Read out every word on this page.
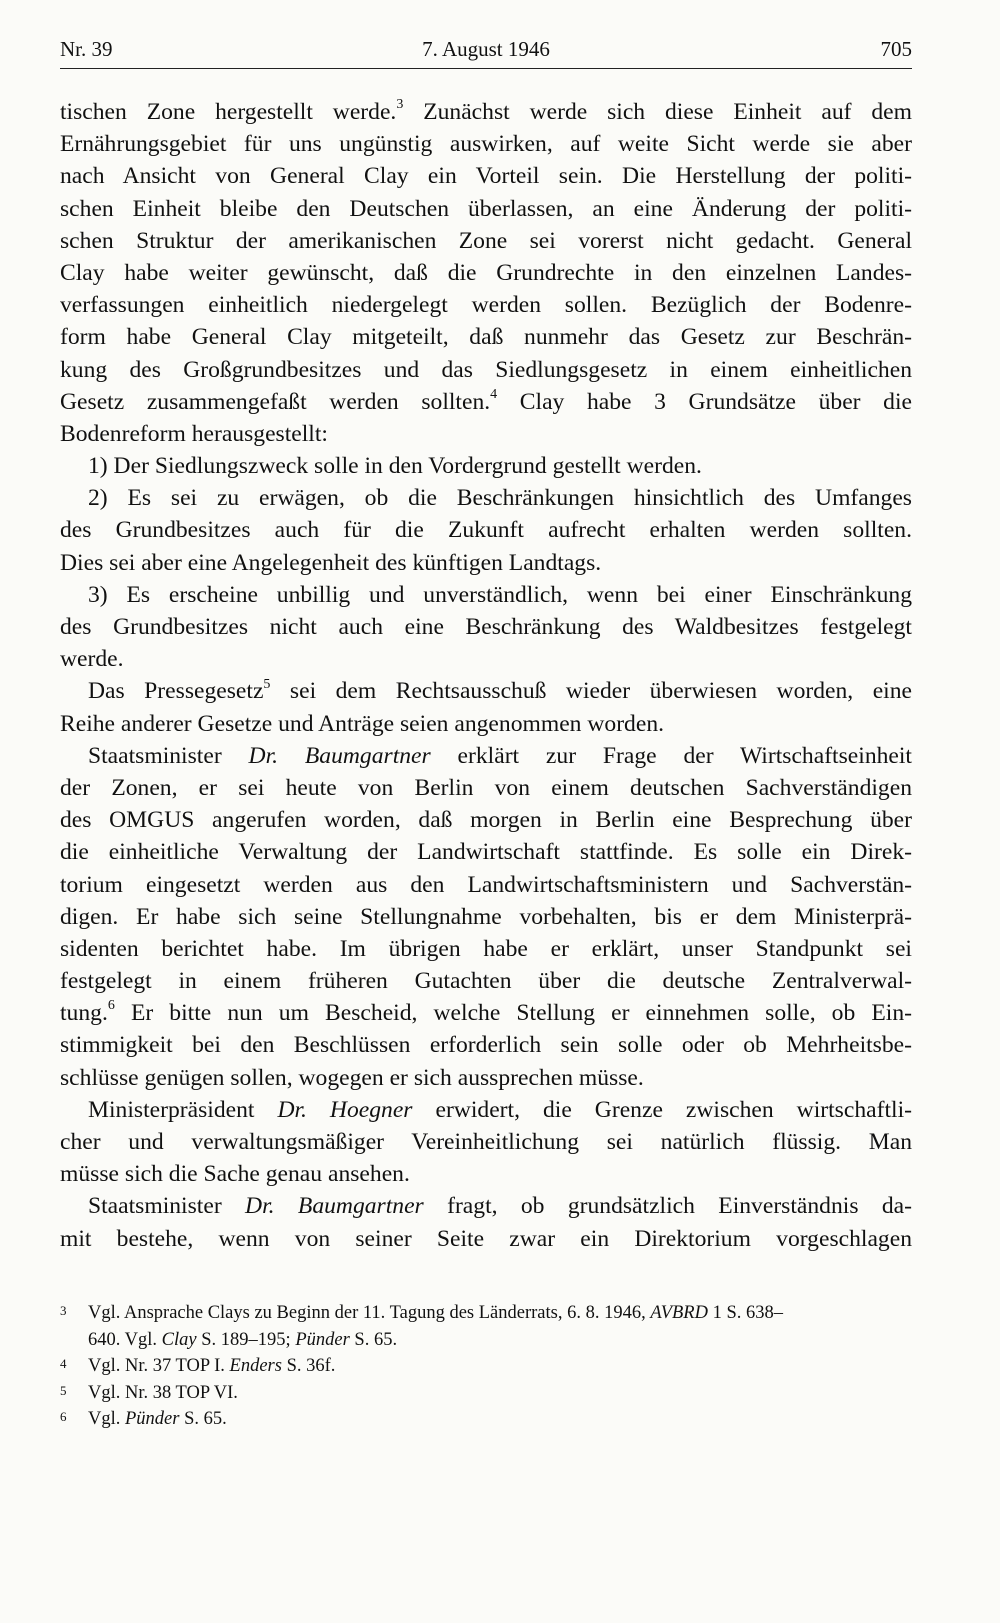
Nr. 39	7. August 1946	705
tischen Zone hergestellt werde.$^3$ Zunächst werde sich diese Einheit auf dem
Ernährungsgebiet für uns ungünstig auswirken, auf weite Sicht werde sie aber
nach Ansicht von General Clay ein Vorteil sein. Die Herstellung der politi-
schen Einheit bleibe den Deutschen überlassen, an eine Änderung der politi-
schen Struktur der amerikanischen Zone sei vorerst nicht gedacht. General
Clay habe weiter gewünscht, daß die Grundrechte in den einzelnen Landes-
verfassungen einheitlich niedergelegt werden sollen. Bezüglich der Bodenre-
form habe General Clay mitgeteilt, daß nunmehr das Gesetz zur Beschrän-
kung des Großgrundbesitzes und das Siedlungsgesetz in einem einheitlichen
Gesetz zusammengefaßt werden sollten.$^4$ Clay habe 3 Grundsätze über die
Bodenreform herausgestellt:
1) Der Siedlungszweck solle in den Vordergrund gestellt werden.
2) Es sei zu erwägen, ob die Beschränkungen hinsichtlich des Umfanges
des Grundbesitzes auch für die Zukunft aufrecht erhalten werden sollten.
Dies sei aber eine Angelegenheit des künftigen Landtags.
3) Es erscheine unbillig und unverständlich, wenn bei einer Einschränkung
des Grundbesitzes nicht auch eine Beschränkung des Waldbesitzes festgelegt
werde.
Das Pressegesetz$^5$ sei dem Rechtsausschuß wieder überwiesen worden, eine
Reihe anderer Gesetze und Anträge seien angenommen worden.
Staatsminister Dr. Baumgartner erklärt zur Frage der Wirtschaftseinheit
der Zonen, er sei heute von Berlin von einem deutschen Sachverständigen
des OMGUS angerufen worden, daß morgen in Berlin eine Besprechung über
die einheitliche Verwaltung der Landwirtschaft stattfinde. Es solle ein Direk-
torium eingesetzt werden aus den Landwirtschaftsministern und Sachverstän-
digen. Er habe sich seine Stellungnahme vorbehalten, bis er dem Ministerprä-
sidenten berichtet habe. Im übrigen habe er erklärt, unser Standpunkt sei
festgelegt in einem früheren Gutachten über die deutsche Zentralverwal-
tung.$^6$ Er bitte nun um Bescheid, welche Stellung er einnehmen solle, ob Ein-
stimmigkeit bei den Beschlüssen erforderlich sein solle oder ob Mehrheitsbe-
schlüsse genügen sollen, wogegen er sich aussprechen müsse.
Ministerpräsident Dr. Hoegner erwidert, die Grenze zwischen wirtschaftli-
cher und verwaltungsmäßiger Vereinheitlichung sei natürlich flüssig. Man
müsse sich die Sache genau ansehen.
Staatsminister Dr. Baumgartner fragt, ob grundsätzlich Einverständnis da-
mit bestehe, wenn von seiner Seite zwar ein Direktorium vorgeschlagen
3 Vgl. Ansprache Clays zu Beginn der 11. Tagung des Länderrats, 6. 8. 1946, AVBRD 1 S. 638–
640. Vgl. Clay S. 189–195; Pünder S. 65.
4 Vgl. Nr. 37 TOP I. Enders S. 36f.
5 Vgl. Nr. 38 TOP VI.
6 Vgl. Pünder S. 65.
